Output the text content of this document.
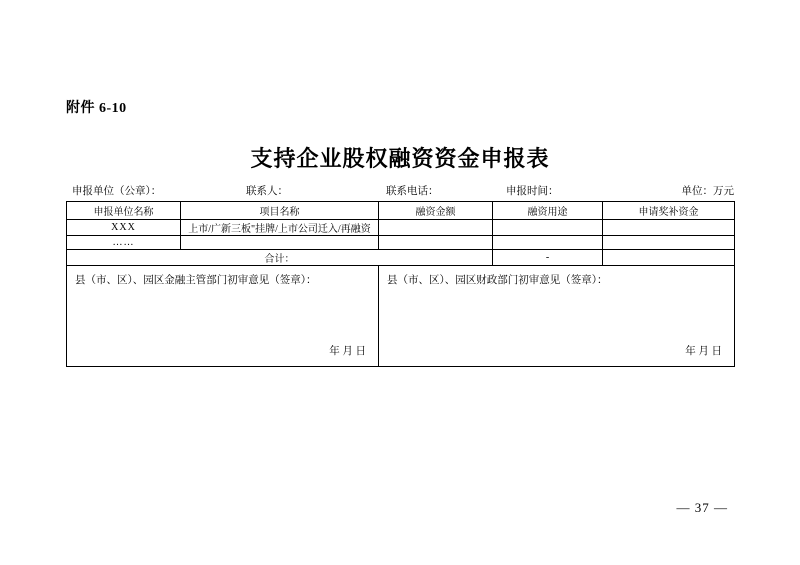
附件 6-10
支持企业股权融资资金申报表
申报单位（公章）：	联系人：	联系电话：	申报时间：	单位：万元
申报单位名称	项目名称	融资金额	融资用途	申请奖补资金
XXX	上市/广新三板"挂牌/上市公司迁入/再融资			
……				
合计：			-	

县（市、区）、园区金融主管部门初审意见（签章）：
年 月 日

县（市、区）、园区财政部门初审意见（签章）：
年 月 日
— 37 —
